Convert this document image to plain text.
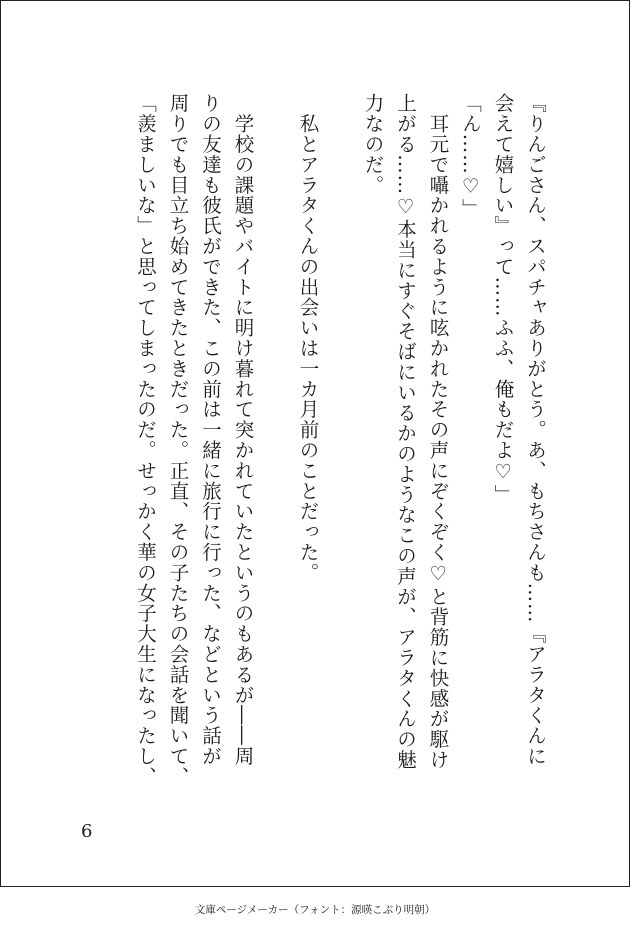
『りんごさん、スパチャありがとう。あ、もちさんも……『アラタくんに

会えて嬉しい』って……ふふ、俺もだよ♡」

「ん……♡」

　耳元で囁かれるように呟かれたその声にぞくぞく♡と背筋に快感が駆け

上がる……♡本当にすぐそばにいるかのようなこの声が、アラタくんの魅

力なのだ。

　私とアラタくんの出会いは一カ月前のことだった。

　学校の課題やバイトに明け暮れて突かれていたというのもあるが――周

りの友達も彼氏ができた、この前は一緒に旅行に行った、などという話が

周りでも目立ち始めてきたときだった。正直、その子たちの会話を聞いて、

「羨ましいな」と思ってしまったのだ。せっかく華の女子大生になったし、

6
文庫ページメーカー（フォント：源暎こぶり明朝）
